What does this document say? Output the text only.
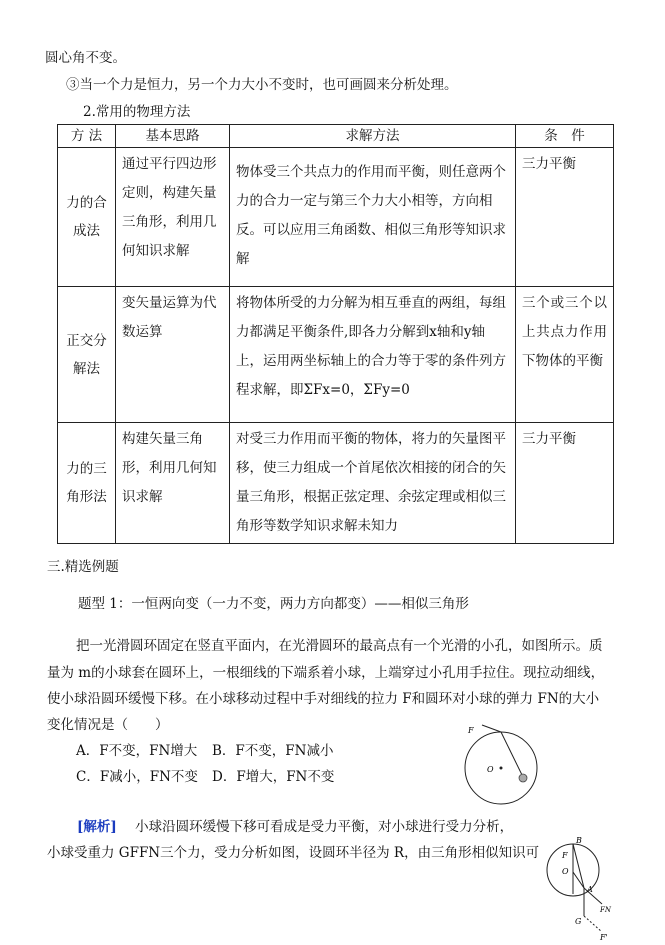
圆心角不变。
③当一个力是恒力，另一个力大小不变时，也可画圆来分析处理。
2.常用的物理方法
方 法	基本思路	求解方法	条　件

力的合成法	通过平行四边形定则，构建矢量三角形，利用几何知识求解	物体受三个共点力的作用而平衡，则任意两个力的合力一定与第三个力大小相等，方向相反。可以应用三角函数、相似三角形等知识求解	三力平衡

正交分解法	变矢量运算为代数运算	将物体所受的力分解为相互垂直的两组，每组力都满足平衡条件,即各力分解到x轴和y轴上，运用两坐标轴上的合力等于零的条件列方程求解，即ΣFx=0，ΣFy=0	三个或三个以上共点力作用下物体的平衡

力的三角形法	构建矢量三角形，利用几何知识求解	对受三力作用而平衡的物体，将力的矢量图平移，使三力组成一个首尾依次相接的闭合的矢量三角形，根据正弦定理、余弦定理或相似三角形等数学知识求解未知力	三力平衡
三.精选例题
题型 1：一恒两向变（一力不变，两力方向都变）——相似三角形
把一光滑圆环固定在竖直平面内，在光滑圆环的最高点有一个光滑的小孔，如图所示。质
量为 m的小球套在圆环上，一根细线的下端系着小球，上端穿过小孔用手拉住。现拉动细线，
使小球沿圆环缓慢下移。在小球移动过程中手对细线的拉力 F和圆环对小球的弹力 FN的大小
变化情况是（　　）
A．F不变，FN增大 B．F不变，FN减小
C．F减小，FN不变 D．F增大，FN不变
F
O
[解析] 小球沿圆环缓慢下移可看成是受力平衡，对小球进行受力分析，
小球受重力 GFFN三个力，受力分析如图，设圆环半径为 R，由三角形相似知识可
B
F
O
A
FN
G
F'
